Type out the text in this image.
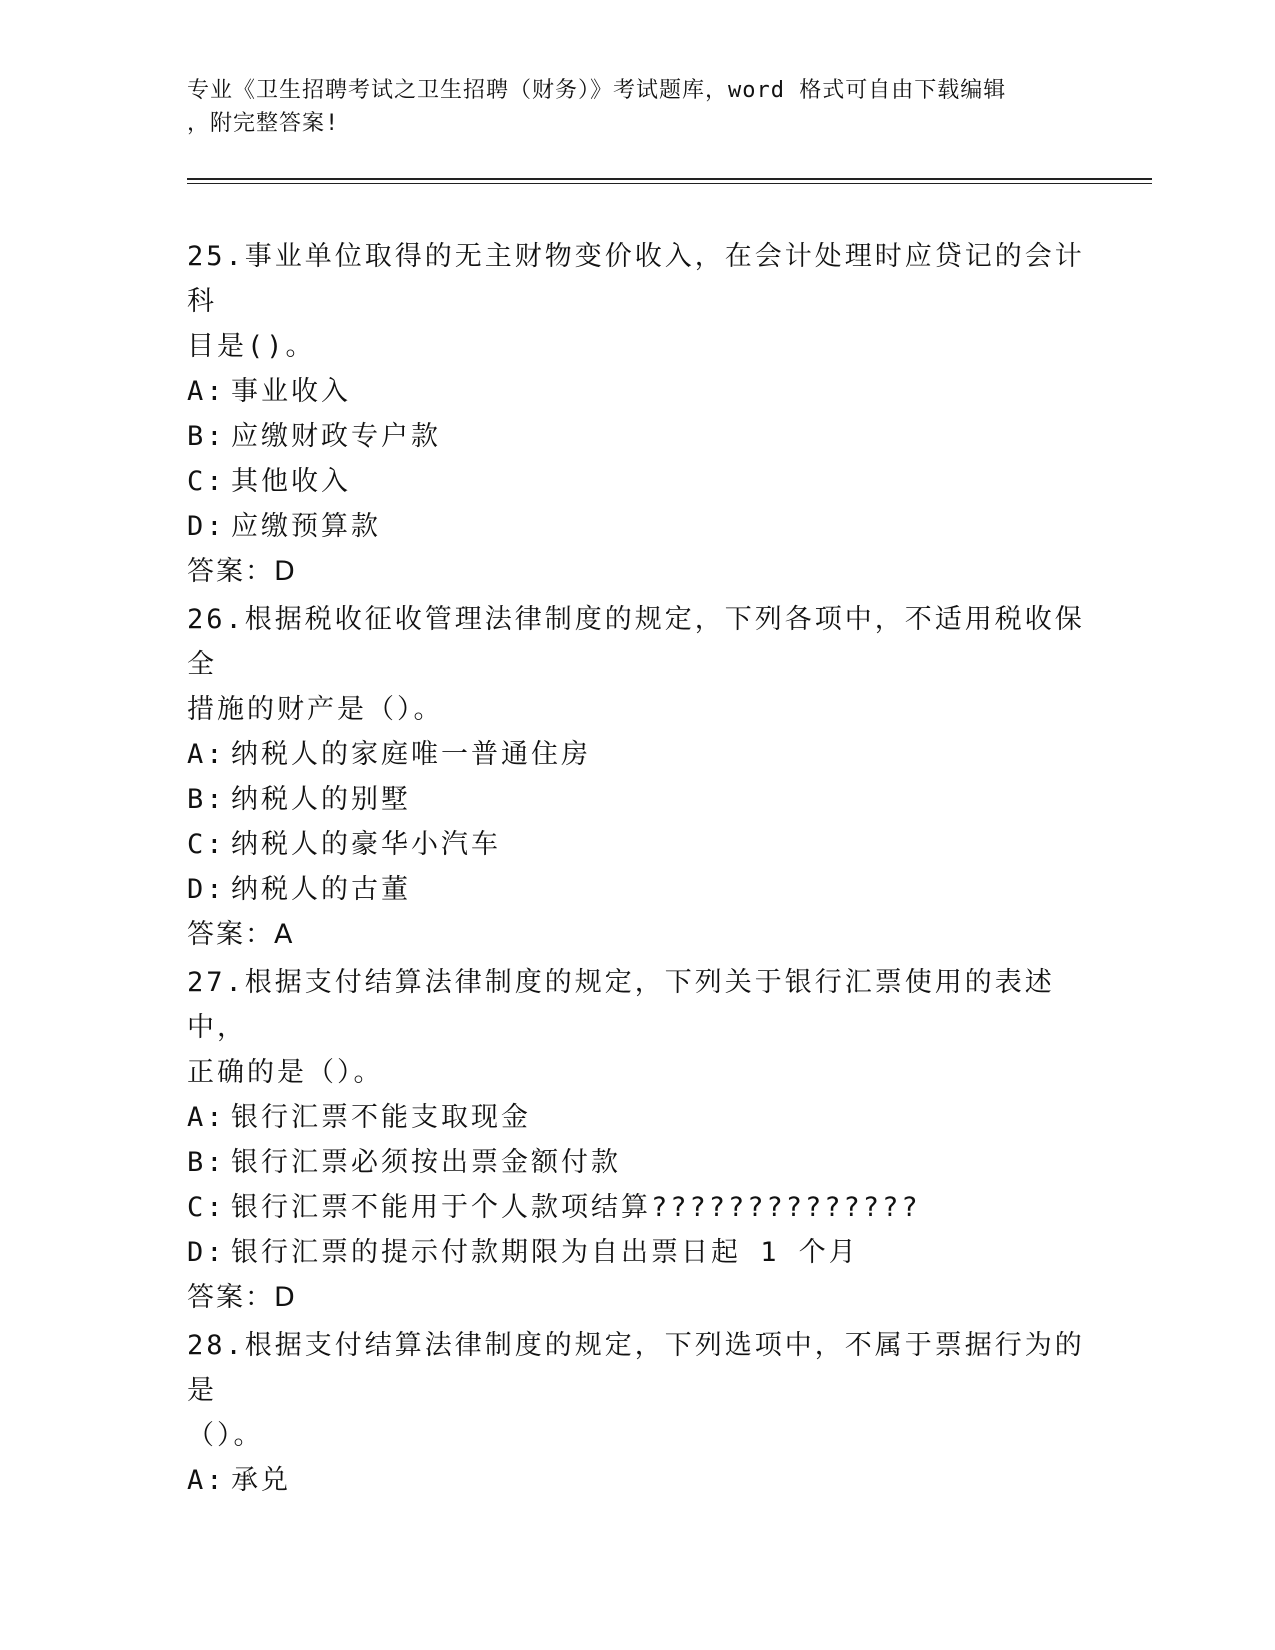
专业《卫生招聘考试之卫生招聘（财务）》考试题库，word 格式可自由下载编辑
，附完整答案!

25.事业单位取得的无主财物变价收入，在会计处理时应贷记的会计科

目是()。

A: 事业收入

B: 应缴财政专户款

C: 其他收入

D: 应缴预算款

答案：D

26.根据税收征收管理法律制度的规定，下列各项中，不适用税收保全

措施的财产是（）。

A: 纳税人的家庭唯一普通住房

B: 纳税人的别墅

C: 纳税人的豪华小汽车

D: 纳税人的古董

答案：A

27.根据支付结算法律制度的规定，下列关于银行汇票使用的表述中，

正确的是（）。

A: 银行汇票不能支取现金

B: 银行汇票必须按出票金额付款

C: 银行汇票不能用于个人款项结算??????????????

D: 银行汇票的提示付款期限为自出票日起 1 个月

答案：D

28.根据支付结算法律制度的规定，下列选项中，不属于票据行为的是

（）。

A: 承兑
